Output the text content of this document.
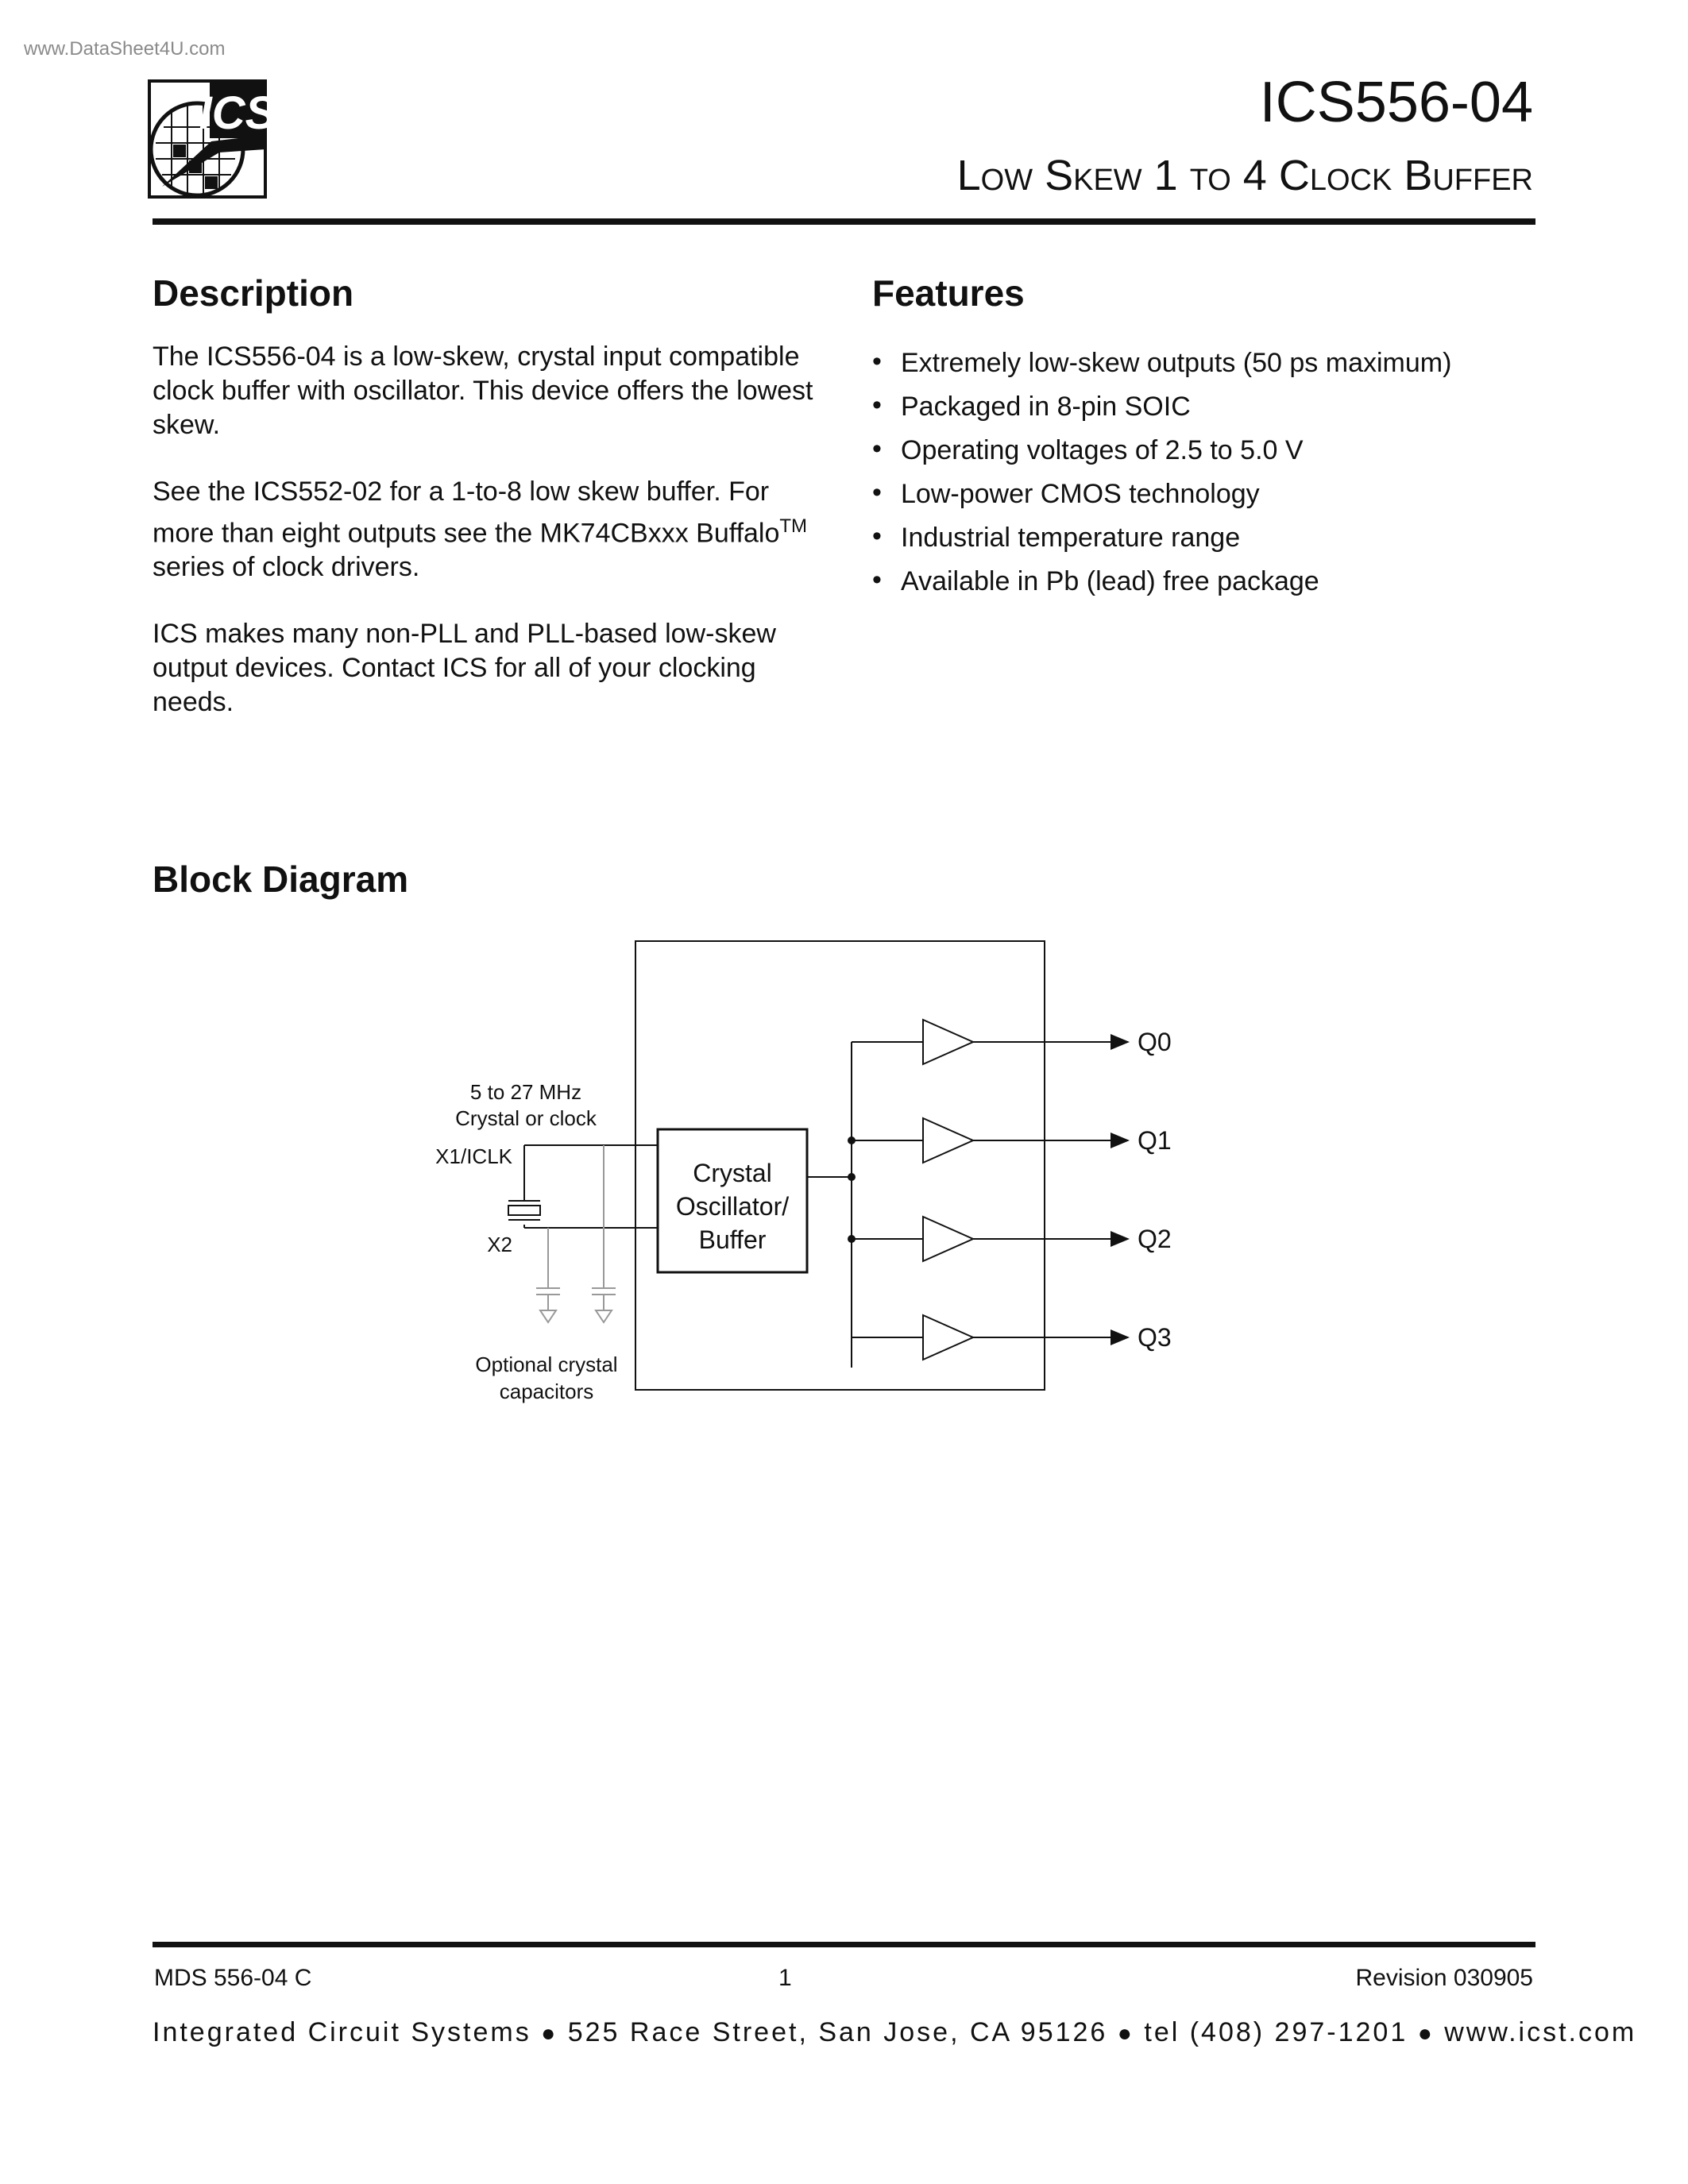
www.DataSheet4U.com
ICS	ICS556-04
Low Skew 1 to 4 Clock Buffer
Description

The ICS556-04 is a low-skew, crystal input compatible clock buffer with oscillator. This device offers the lowest skew.

See the ICS552-02 for a 1-to-8 low skew buffer. For more than eight outputs see the MK74CBxxx Buffalo™ series of clock drivers.

ICS makes many non-PLL and PLL-based low-skew output devices. Contact ICS for all of your clocking needs.

Features
• Extremely low-skew outputs (50 ps maximum)
• Packaged in 8-pin SOIC
• Operating voltages of 2.5 to 5.0 V
• Low-power CMOS technology
• Industrial temperature range
• Available in Pb (lead) free package
Block Diagram
5 to 27 MHz
Crystal or clock
X1/ICLK
X2
Crystal
Oscillator/
Buffer
Optional crystal
capacitors
Q0
Q1
Q2
Q3
MDS 556-04 C	1	Revision 030905
Integrated Circuit Systems ● 525 Race Street, San Jose, CA 95126 ● tel (408) 297-1201 ● www.icst.com
